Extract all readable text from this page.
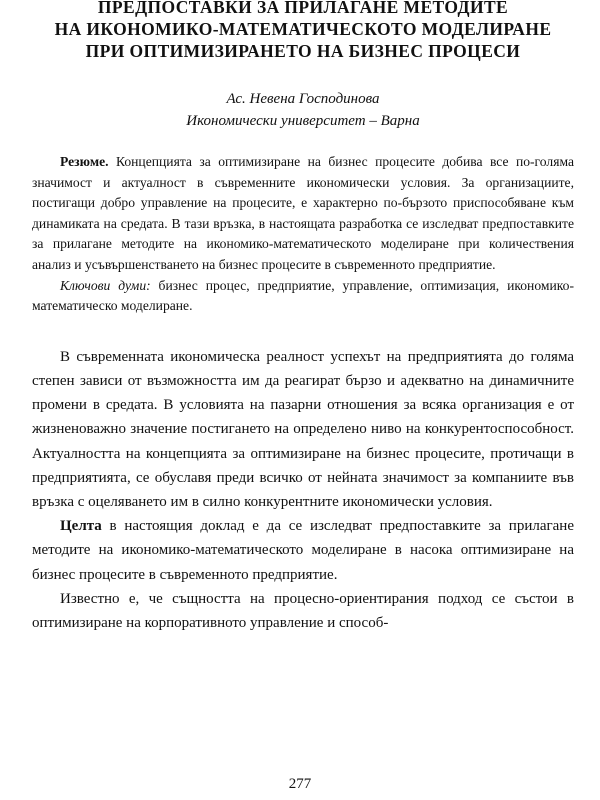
ПРЕДПОСТАВКИ ЗА ПРИЛАГАНЕ МЕТОДИТЕ
НА ИКОНОМИКО-МАТЕМАТИЧЕСКОТО МОДЕЛИРАНЕ
ПРИ ОПТИМИЗИРАНЕТО НА БИЗНЕС ПРОЦЕСИ
Ас. Невена Господинова
Икономически университет – Варна

Резюме. Концепцията за оптимизиране на бизнес процесите добива все по-голяма значимост и актуалност в съвременните икономически условия. За организациите, постигащи добро управление на процесите, е характерно по-бързото приспособяване към динамиката на средата. В тази връзка, в настоящата разработка се изследват предпоставките за прилагане методите на икономико-математическото моделиране при количествения анализ и усъвършенстването на бизнес процесите в съвременното предприятие.

Ключови думи: бизнес процес, предприятие, управление, оптимизация, икономико-математическо моделиране.

В съвременната икономическа реалност успехът на предприятията до голяма степен зависи от възможността им да реагират бързо и адекватно на динамичните промени в средата. В условията на пазарни отношения за всяка организация е от жизненоважно значение постигането на определено ниво на конкурентоспособност. Актуалността на концепцията за оптимизиране на бизнес процесите, протичащи в предприятията, се обуславя преди всичко от нейната значимост за компаниите във връзка с оцеляването им в силно конкурентните икономически условия.

Целта в настоящия доклад е да се изследват предпоставките за прилагане методите на икономико-математическото моделиране в насока оптимизиране на бизнес процесите в съвременното предприятие.

Известно е, че същността на процесно-ориентирания подход се състои в оптимизиране на корпоративното управление и способ-

277
